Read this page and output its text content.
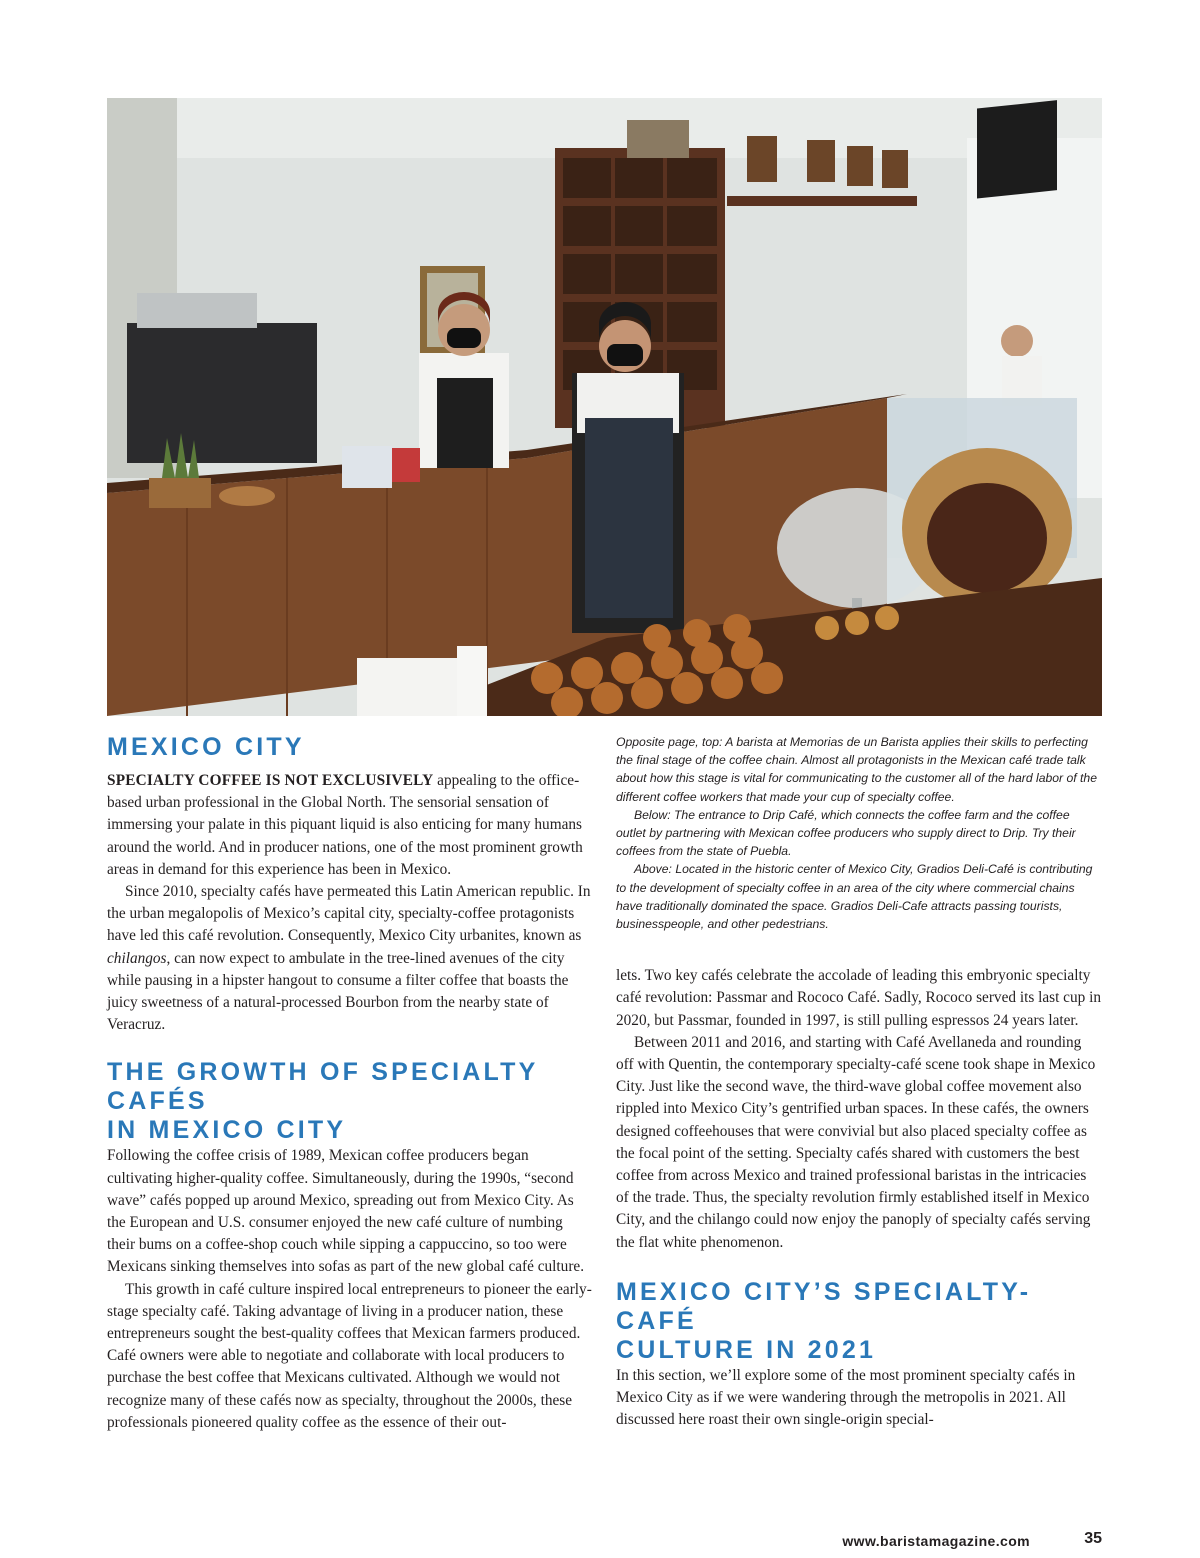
MEXICO CITY

SPECIALTY COFFEE IS NOT EXCLUSIVELY appealing to the office-based urban professional in the Global North. The sensorial sensation of immersing your palate in this piquant liquid is also enticing for many humans around the world. And in producer nations, one of the most prominent growth areas in demand for this experience has been in Mexico.

Since 2010, specialty cafés have permeated this Latin American republic. In the urban megalopolis of Mexico’s capital city, specialty-coffee protagonists have led this café revolution. Consequently, Mexico City urbanites, known as chilangos, can now expect to ambulate in the tree-lined avenues of the city while pausing in a hipster hangout to consume a filter coffee that boasts the juicy sweetness of a natural-processed Bourbon from the nearby state of Veracruz.

THE GROWTH OF SPECIALTY CAFÉS
IN MEXICO CITY

Following the coffee crisis of 1989, Mexican coffee producers began cultivating higher-quality coffee. Simultaneously, during the 1990s, “second wave” cafés popped up around Mexico, spreading out from Mexico City. As the European and U.S. consumer enjoyed the new café culture of numbing their bums on a coffee-shop couch while sipping a cappuccino, so too were Mexicans sinking themselves into sofas as part of the new global café culture.

This growth in café culture inspired local entrepreneurs to pioneer the early-stage specialty café. Taking advantage of living in a producer nation, these entrepreneurs sought the best-quality coffees that Mexican farmers produced. Café owners were able to negotiate and collaborate with local producers to purchase the best coffee that Mexicans cultivated. Although we would not recognize many of these cafés now as specialty, throughout the 2000s, these professionals pioneered quality coffee as the essence of their out-

Opposite page, top: A barista at Memorias de un Barista applies their skills to perfecting the final stage of the coffee chain. Almost all protagonists in the Mexican café trade talk about how this stage is vital for communicating to the customer all of the hard labor of the different coffee workers that made your cup of specialty coffee.

Below: The entrance to Drip Café, which connects the coffee farm and the coffee outlet by partnering with Mexican coffee producers who supply direct to Drip. Try their coffees from the state of Puebla.

Above: Located in the historic center of Mexico City, Gradios Deli-Café is contributing to the development of specialty coffee in an area of the city where commercial chains have traditionally dominated the space. Gradios Deli-Cafe attracts passing tourists, businesspeople, and other pedestrians.

lets. Two key cafés celebrate the accolade of leading this embryonic specialty café revolution: Passmar and Rococo Café. Sadly, Rococo served its last cup in 2020, but Passmar, founded in 1997, is still pulling espressos 24 years later.

Between 2011 and 2016, and starting with Café Avellaneda and rounding off with Quentin, the contemporary specialty-café scene took shape in Mexico City. Just like the second wave, the third-wave global coffee movement also rippled into Mexico City’s gentrified urban spaces. In these cafés, the owners designed coffeehouses that were convivial but also placed specialty coffee as the focal point of the setting. Specialty cafés shared with customers the best coffee from across Mexico and trained professional baristas in the intricacies of the trade. Thus, the specialty revolution firmly established itself in Mexico City, and the chilango could now enjoy the panoply of specialty cafés serving the flat white phenomenon.

MEXICO CITY’S SPECIALTY-CAFÉ
CULTURE IN 2021

In this section, we’ll explore some of the most prominent specialty cafés in Mexico City as if we were wandering through the metropolis in 2021. All discussed here roast their own single-origin special-

www.baristamagazine.com	35
